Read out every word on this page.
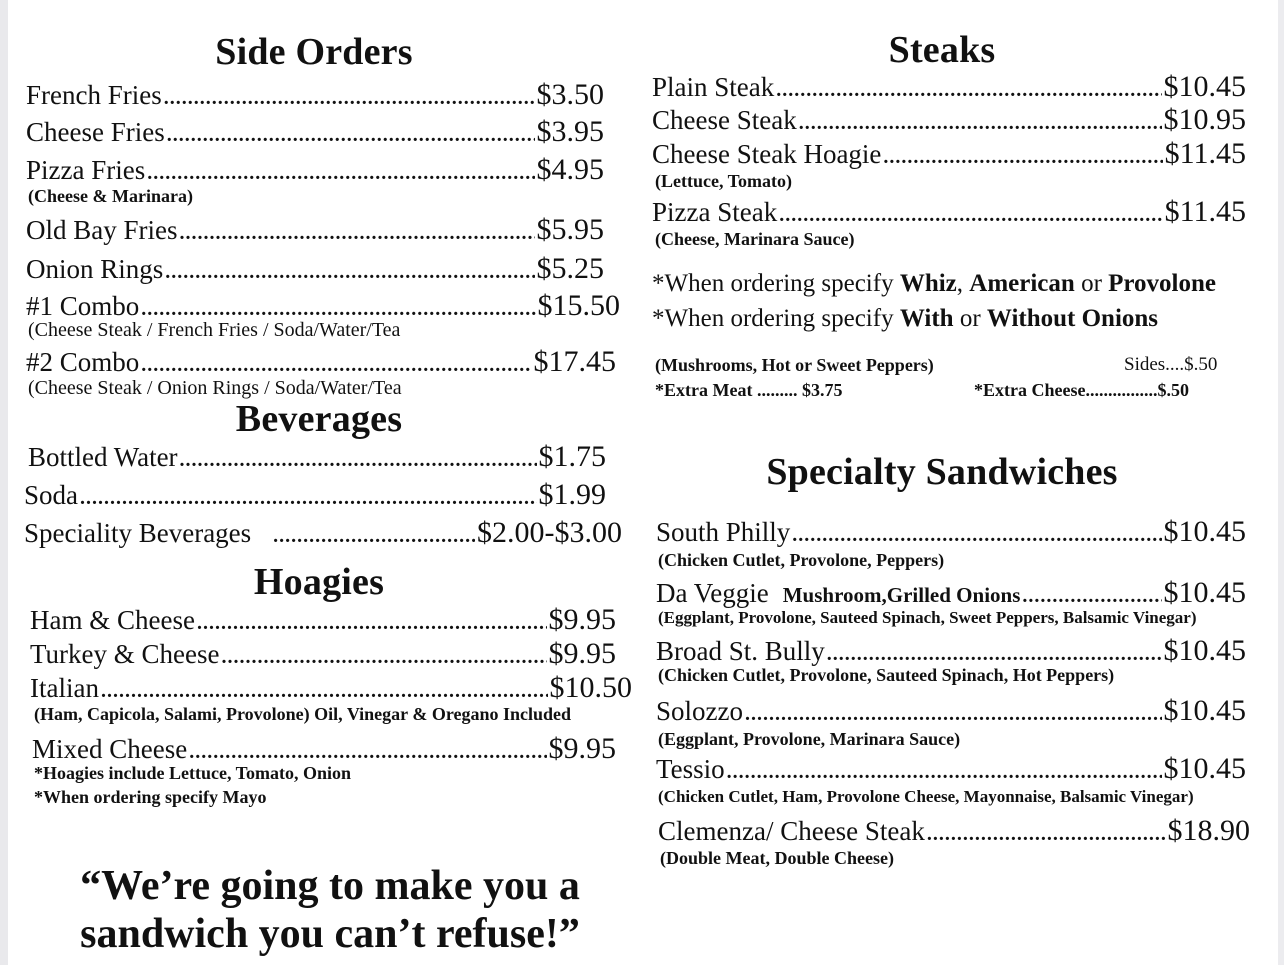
Side Orders
French Fries .....	$3.50
Cheese Fries .....	$3.95
Pizza Fries .....	$4.95
(Cheese & Marinara)
Old Bay Fries .....	$5.95
Onion Rings .....	$5.25
#1 Combo .....	$15.50
(Cheese Steak / French Fries / Soda/Water/Tea
#2 Combo .....	$17.45
(Cheese Steak / Onion Rings / Soda/Water/Tea
Beverages
Bottled Water .....	$1.75
Soda .....	$1.99
Speciality Beverages .....	$2.00-$3.00
Hoagies
Ham & Cheese .....	$9.95
Turkey & Cheese .....	$9.95
Italian .....	$10.50
(Ham, Capicola, Salami, Provolone) Oil, Vinegar & Oregano Included
Mixed Cheese .....	$9.95
*Hoagies include Lettuce, Tomato, Onion
*When ordering specify Mayo
“We’re going to make you a
sandwich you can’t refuse!”
Steaks
Plain Steak .....	$10.45
Cheese Steak .....	$10.95
Cheese Steak Hoagie .....	$11.45
(Lettuce, Tomato)
Pizza Steak .....	$11.45
(Cheese, Marinara Sauce)
*When ordering specify Whiz, American or Provolone
*When ordering specify With or Without Onions
(Mushrooms, Hot or Sweet Peppers)	Sides....$.50
*Extra Meat ......... $3.75	*Extra Cheese................$.50
Specialty Sandwiches
South Philly .....	$10.45
(Chicken Cutlet, Provolone, Peppers)
Da Veggie Mushroom,Grilled Onions .....	$10.45
(Eggplant, Provolone, Sauteed Spinach, Sweet Peppers, Balsamic Vinegar)
Broad St. Bully .....	$10.45
(Chicken Cutlet, Provolone, Sauteed Spinach, Hot Peppers)
Solozzo .....	$10.45
(Eggplant, Provolone, Marinara Sauce)
Tessio .....	$10.45
(Chicken Cutlet, Ham, Provolone Cheese, Mayonnaise, Balsamic Vinegar)
Clemenza/ Cheese Steak .....	$18.90
(Double Meat, Double Cheese)
